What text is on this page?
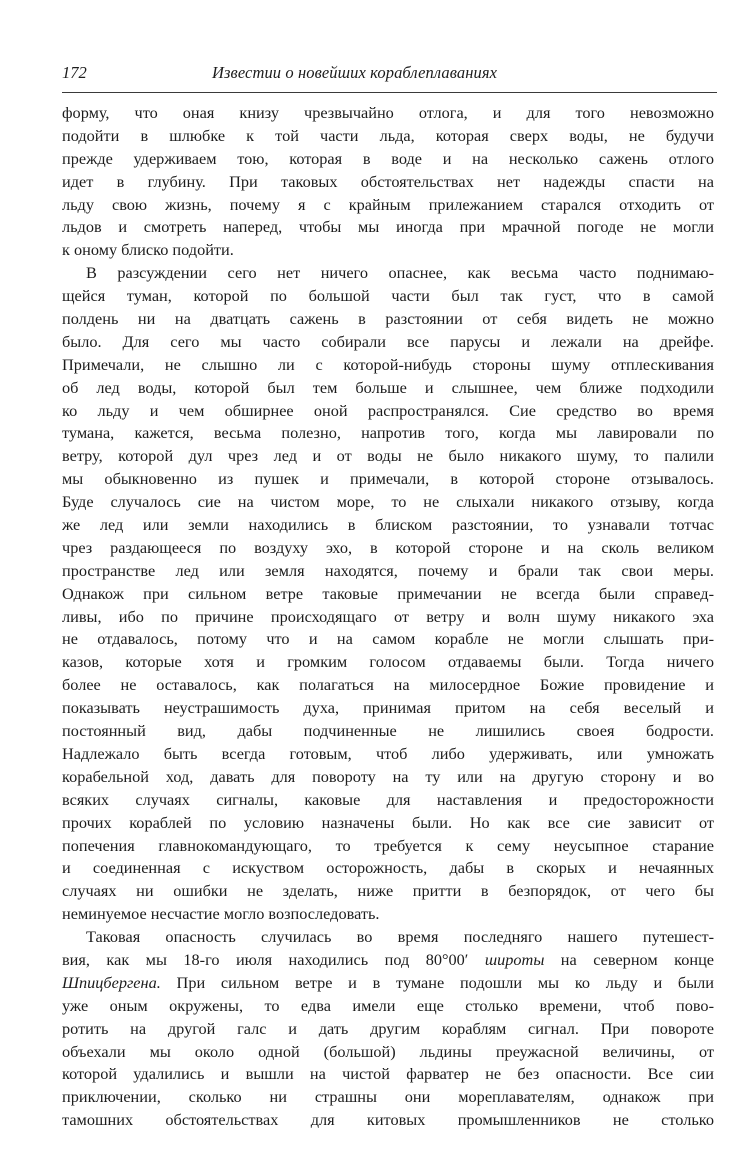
172	Известии о новейших кораблеплаваниях
форму, что оная книзу чрезвычайно отлога, и для того невозможно
подойти в шлюбке к той части льда, которая сверх воды, не будучи
прежде удерживаем тою, которая в воде и на несколько сажень отлого
идет в глубину. При таковых обстоятельствах нет надежды спасти на
льду свою жизнь, почему я с крайным прилежанием старался отходить от
льдов и смотреть наперед, чтобы мы иногда при мрачной погоде не могли
к оному блиско подойти.
В разсуждении сего нет ничего опаснее, как весьма часто поднимаю-
щейся туман, которой по большой части был так густ, что в самой
полдень ни на дватцать сажень в разстоянии от себя видеть не можно
было. Для сего мы часто собирали все парусы и лежали на дрейфе.
Примечали, не слышно ли с которой-нибудь стороны шуму отплескивания
об лед воды, которой был тем больше и слышнее, чем ближе подходили
ко льду и чем обширнее оной распространялся. Сие средство во время
тумана, кажется, весьма полезно, напротив того, когда мы лавировали по
ветру, которой дул чрез лед и от воды не было никакого шуму, то палили
мы обыкновенно из пушек и примечали, в которой стороне отзывалось.
Буде случалось сие на чистом море, то не слыхали никакого отзыву, когда
же лед или земли находились в блиском разстоянии, то узнавали тотчас
чрез раздающееся по воздуху эхо, в которой стороне и на сколь великом
пространстве лед или земля находятся, почему и брали так свои меры.
Однакож при сильном ветре таковые примечании не всегда были справед-
ливы, ибо по причине происходящаго от ветру и волн шуму никакого эха
не отдавалось, потому что и на самом корабле не могли слышать при-
казов, которые хотя и громким голосом отдаваемы были. Тогда ничего
более не оставалось, как полагаться на милосердное Божие провидение и
показывать неустрашимость духа, принимая притом на себя веселый и
постоянный вид, дабы подчиненные не лишились своея бодрости.
Надлежало быть всегда готовым, чтоб либо удерживать, или умножать
корабельной ход, давать для повороту на ту или на другую сторону и во
всяких случаях сигналы, каковые для наставления и предосторожности
прочих кораблей по условию назначены были. Но как все сие зависит от
попечения главнокомандующаго, то требуется к сему неусыпное старание
и соединенная с искуством осторожность, дабы в скорых и нечаянных
случаях ни ошибки не зделать, ниже притти в безпорядок, от чего бы
неминуемое несчастие могло возпоследовать.
Таковая опасность случилась во время последняго нашего путешест-
вия, как мы 18-го июля находились под 80°00′ широты на северном конце
Шпицбергена. При сильном ветре и в тумане подошли мы ко льду и были
уже оным окружены, то едва имели еще столько времени, чтоб пово-
ротить на другой галс и дать другим кораблям сигнал. При повороте
объехали мы около одной (большой) льдины преужасной величины, от
которой удалились и вышли на чистой фарватер не без опасности. Все сии
приключении, сколько ни страшны они мореплавателям, однакож при
тамошних обстоятельствах для китовых промышленников не столько
